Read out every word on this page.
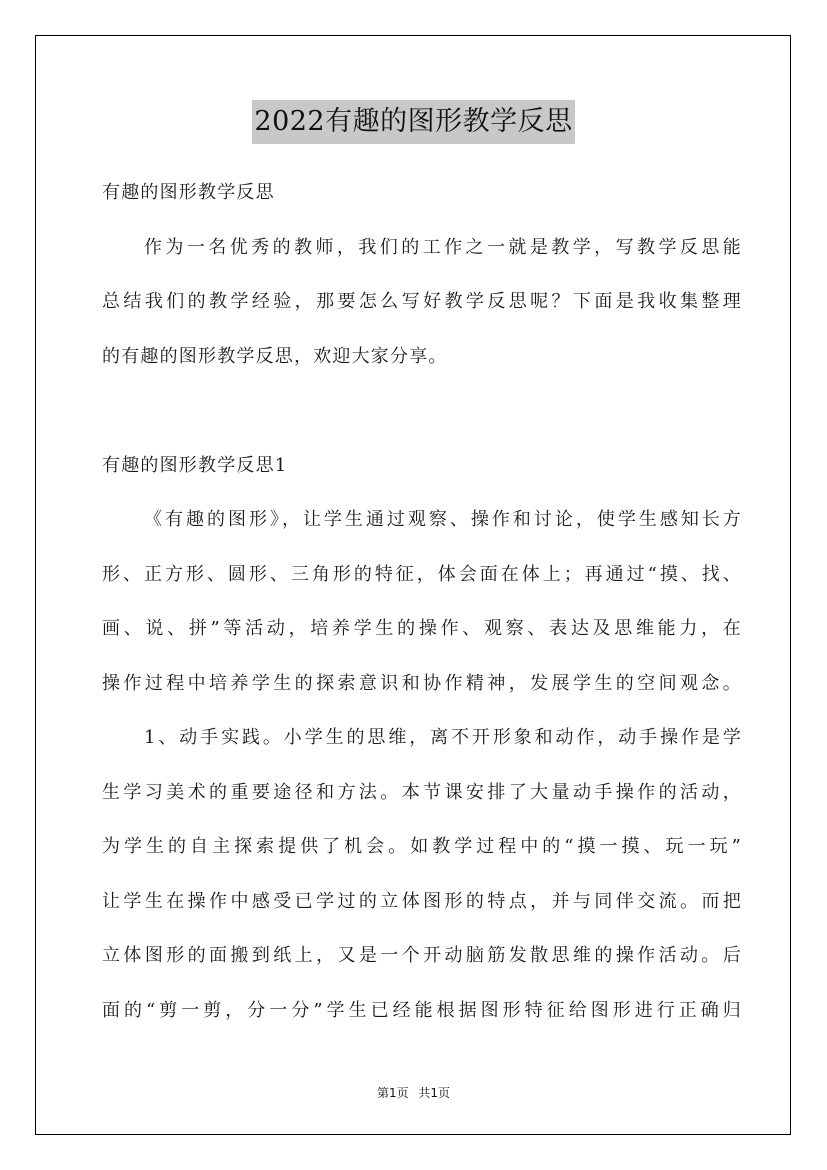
2022有趣的图形教学反思
有趣的图形教学反思
作为一名优秀的教师，我们的工作之一就是教学，写教学反思能
总结我们的教学经验，那要怎么写好教学反思呢？下面是我收集整理
的有趣的图形教学反思，欢迎大家分享。
有趣的图形教学反思1
《有趣的图形》，让学生通过观察、操作和讨论，使学生感知长方
形、正方形、圆形、三角形的特征，体会面在体上；再通过“摸、找、
画、说、拼”等活动，培养学生的操作、观察、表达及思维能力，在
操作过程中培养学生的探索意识和协作精神，发展学生的空间观念。
1、动手实践。小学生的思维，离不开形象和动作，动手操作是学
生学习美术的重要途径和方法。本节课安排了大量动手操作的活动，
为学生的自主探索提供了机会。如教学过程中的“摸一摸、玩一玩”
让学生在操作中感受已学过的立体图形的特点，并与同伴交流。而把
立体图形的面搬到纸上，又是一个开动脑筋发散思维的操作活动。后
面的“剪一剪，分一分”学生已经能根据图形特征给图形进行正确归
第1页 共1页
